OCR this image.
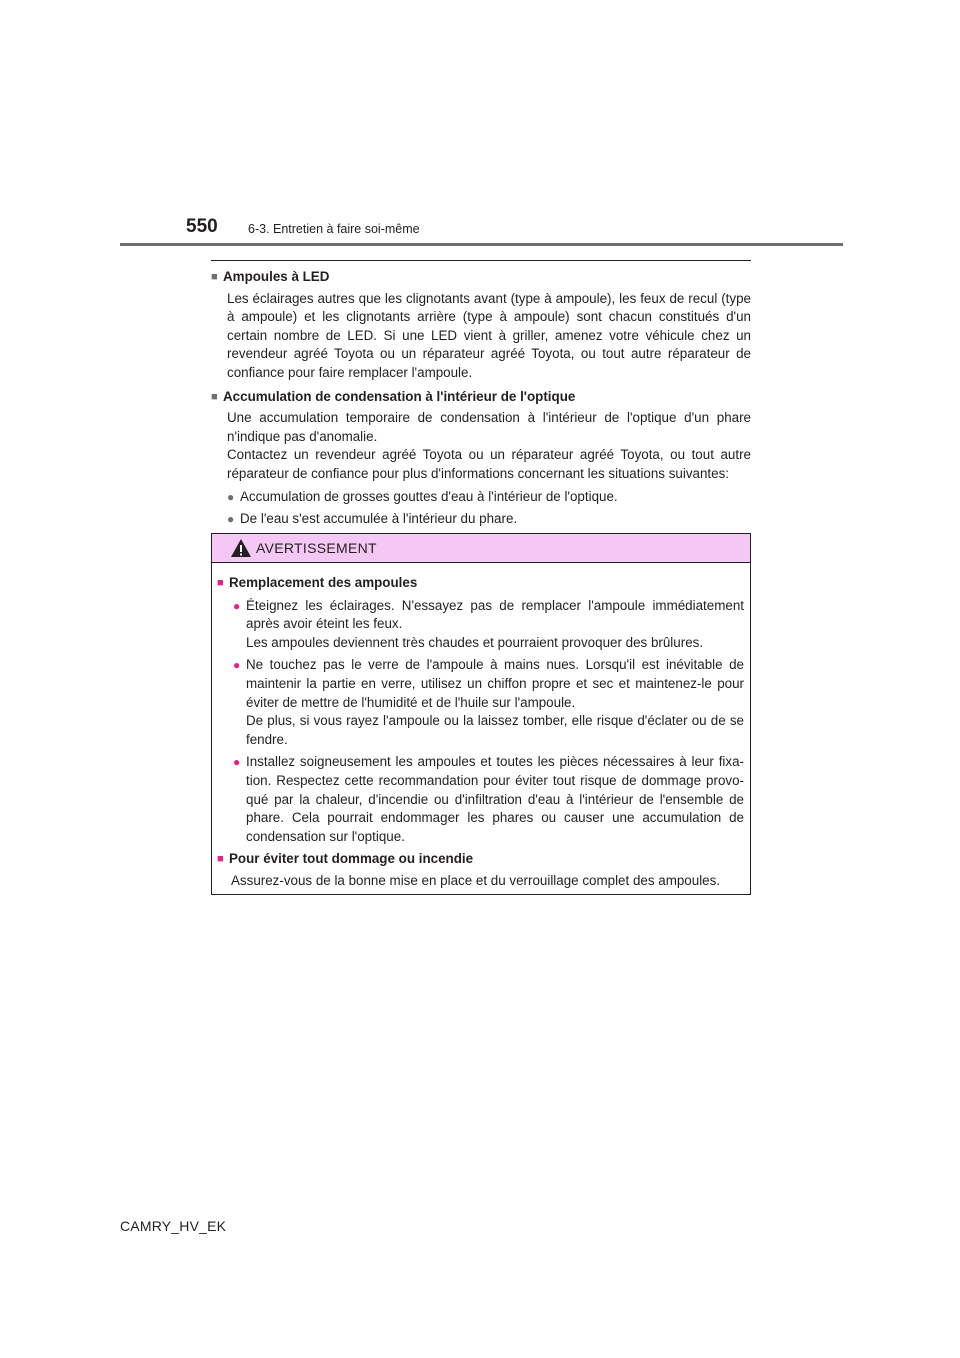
550 6-3. Entretien à faire soi-même
■ Ampoules à LED
Les éclairages autres que les clignotants avant (type à ampoule), les feux de recul (type à ampoule) et les clignotants arrière (type à ampoule) sont chacun constitués d'un certain nombre de LED. Si une LED vient à griller, amenez votre véhicule chez un revendeur agréé Toyota ou un réparateur agréé Toyota, ou tout autre réparateur de confiance pour faire remplacer l'ampoule.
■ Accumulation de condensation à l'intérieur de l'optique
Une accumulation temporaire de condensation à l'intérieur de l'optique d'un phare n'indique pas d'anomalie.
Contactez un revendeur agréé Toyota ou un réparateur agréé Toyota, ou tout autre réparateur de confiance pour plus d'informations concernant les situations suivantes:
● Accumulation de grosses gouttes d'eau à l'intérieur de l'optique.
● De l'eau s'est accumulée à l'intérieur du phare.
AVERTISSEMENT
■ Remplacement des ampoules
● Éteignez les éclairages. N'essayez pas de remplacer l'ampoule immédiatement après avoir éteint les feux.
Les ampoules deviennent très chaudes et pourraient provoquer des brûlures.
● Ne touchez pas le verre de l'ampoule à mains nues. Lorsqu'il est inévitable de maintenir la partie en verre, utilisez un chiffon propre et sec et maintenez-le pour éviter de mettre de l'humidité et de l'huile sur l'ampoule.
De plus, si vous rayez l'ampoule ou la laissez tomber, elle risque d'éclater ou de se fendre.
● Installez soigneusement les ampoules et toutes les pièces nécessaires à leur fixa-tion. Respectez cette recommandation pour éviter tout risque de dommage provo-qué par la chaleur, d'incendie ou d'infiltration d'eau à l'intérieur de l'ensemble de phare. Cela pourrait endommager les phares ou causer une accumulation de condensation sur l'optique.
■ Pour éviter tout dommage ou incendie
Assurez-vous de la bonne mise en place et du verrouillage complet des ampoules.
CAMRY_HV_EK
